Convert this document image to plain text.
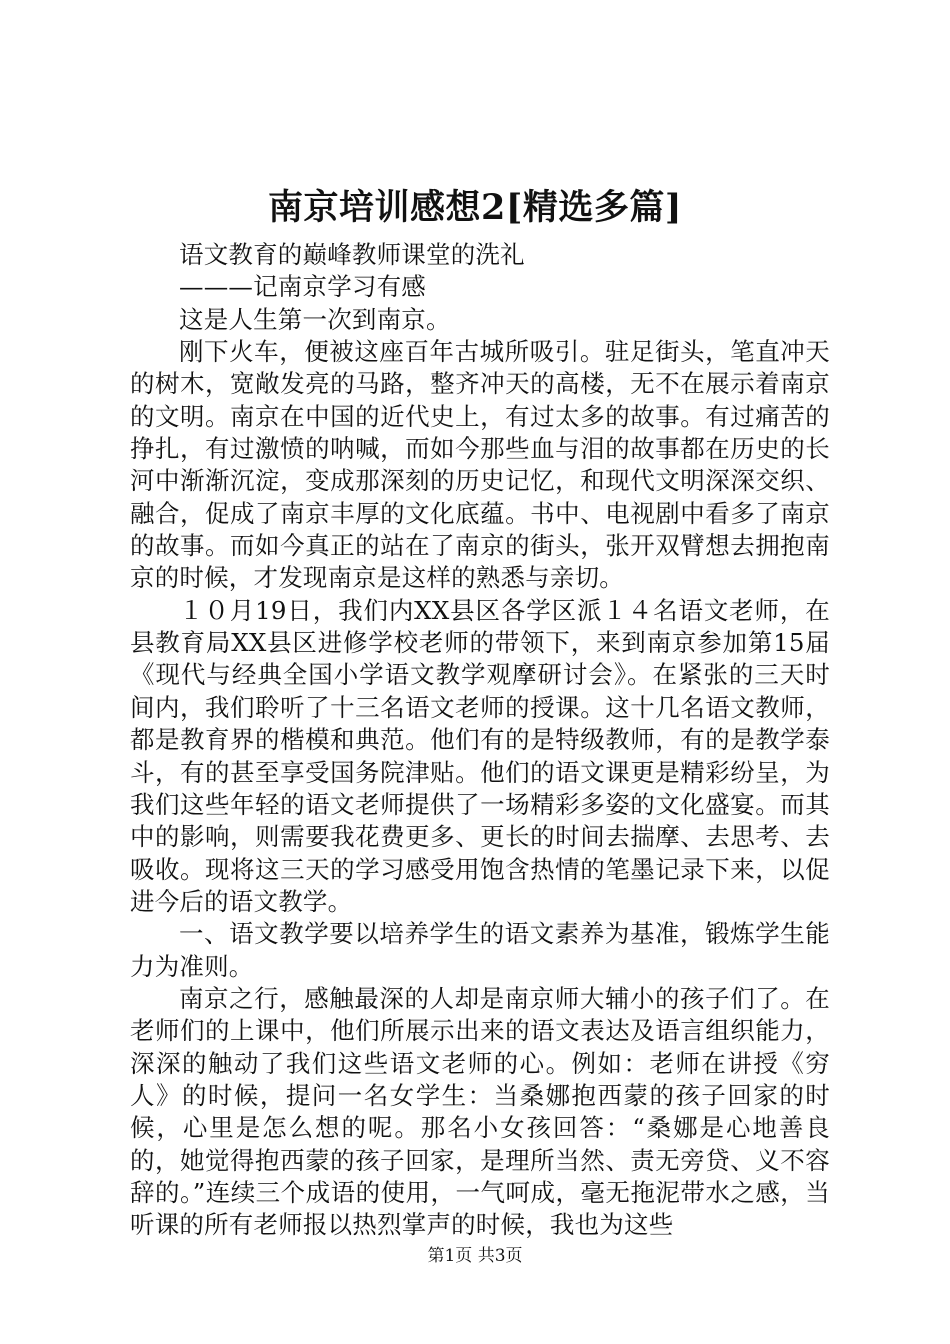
南京培训感想2[精选多篇]

语文教育的巅峰教师课堂的洗礼

———记南京学习有感

这是人生第一次到南京。

刚下火车，便被这座百年古城所吸引。驻足街头，笔直冲天的树木，宽敞发亮的马路，整齐冲天的高楼，无不在展示着南京的文明。南京在中国的近代史上，有过太多的故事。有过痛苦的挣扎，有过激愤的呐喊，而如今那些血与泪的故事都在历史的长河中渐渐沉淀，变成那深刻的历史记忆，和现代文明深深交织、融合，促成了南京丰厚的文化底蕴。书中、电视剧中看多了南京的故事。而如今真正的站在了南京的街头，张开双臂想去拥抱南京的时候，才发现南京是这样的熟悉与亲切。

１０月19日，我们内XX县区各学区派１４名语文老师，在县教育局XX县区进修学校老师的带领下，来到南京参加第15届《现代与经典全国小学语文教学观摩研讨会》。在紧张的三天时间内，我们聆听了十三名语文老师的授课。这十几名语文教师，都是教育界的楷模和典范。他们有的是特级教师，有的是教学泰斗，有的甚至享受国务院津贴。他们的语文课更是精彩纷呈，为我们这些年轻的语文老师提供了一场精彩多姿的文化盛宴。而其中的影响，则需要我花费更多、更长的时间去揣摩、去思考、去吸收。现将这三天的学习感受用饱含热情的笔墨记录下来，以促进今后的语文教学。

一、语文教学要以培养学生的语文素养为基准，锻炼学生能力为准则。

南京之行，感触最深的人却是南京师大辅小的孩子们了。在老师们的上课中，他们所展示出来的语文表达及语言组织能力，深深的触动了我们这些语文老师的心。例如：老师在讲授《穷人》的时候，提问一名女学生：当桑娜抱西蒙的孩子回家的时候，心里是怎么想的呢。那名小女孩回答：“桑娜是心地善良的，她觉得抱西蒙的孩子回家，是理所当然、责无旁贷、义不容辞的。”连续三个成语的使用，一气呵成，毫无拖泥带水之感，当听课的所有老师报以热烈掌声的时候，我也为这些

第1页 共3页
